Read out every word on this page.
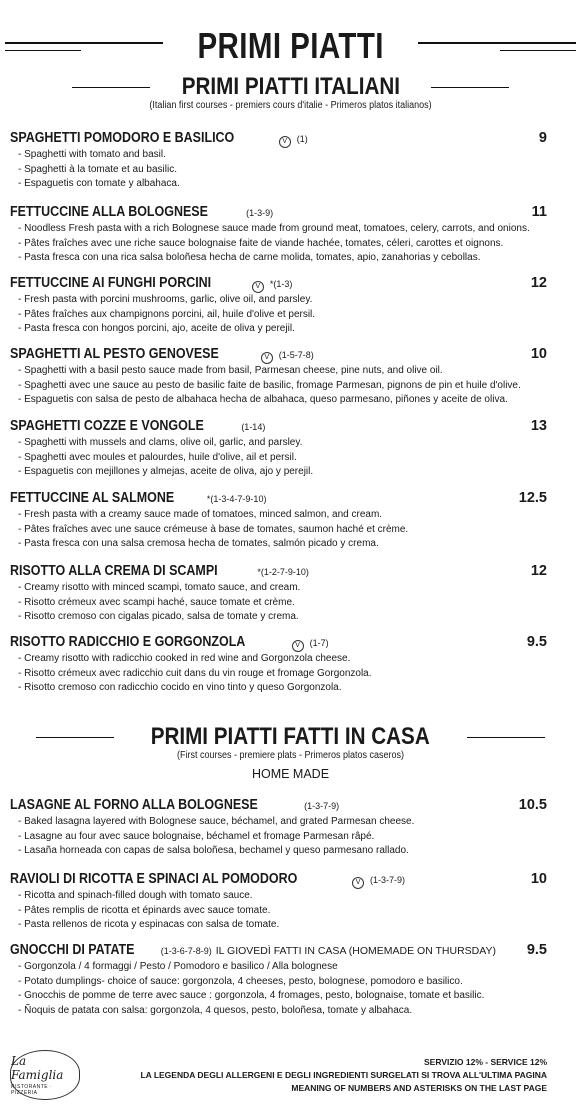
PRIMI PIATTI
PRIMI PIATTI ITALIANI
(Italian first courses - premiers cours d'italie - Primeros platos italianos)
SPAGHETTI POMODORO E BASILICO	V	(1)	9
- Spaghetti with tomato and basil.
- Spaghetti à la tomate et au basilic.
- Espaguetis con tomate y albahaca.
FETTUCCINE ALLA BOLOGNESE	(1-3-9)	11
- Noodless Fresh pasta with a rich Bolognese sauce made from ground meat, tomatoes, celery, carrots, and onions.
- Pâtes fraîches avec une riche sauce bolognaise faite de viande hachée, tomates, céleri, carottes et oignons.
- Pasta fresca con una rica salsa boloñesa hecha de carne molida, tomates, apio, zanahorias y cebollas.
FETTUCCINE AI FUNGHI PORCINI	V	*(1-3)	12
- Fresh pasta with porcini mushrooms, garlic, olive oil, and parsley.
- Pâtes fraîches aux champignons porcini, ail, huile d'olive et persil.
- Pasta fresca con hongos porcini, ajo, aceite de oliva y perejil.
SPAGHETTI AL PESTO GENOVESE	V	(1-5-7-8)	10
- Spaghetti with a basil pesto sauce made from basil, Parmesan cheese, pine nuts, and olive oil.
- Spaghetti avec une sauce au pesto de basilic faite de basilic, fromage Parmesan, pignons de pin et huile d'olive.
- Espaguetis con salsa de pesto de albahaca hecha de albahaca, queso parmesano, piñones y aceite de oliva.
SPAGHETTI COZZE E VONGOLE	(1-14)	13
- Spaghetti with mussels and clams, olive oil, garlic, and parsley.
- Spaghetti avec moules et palourdes, huile d'olive, ail et persil.
- Espaguetis con mejillones y almejas, aceite de oliva, ajo y perejil.
FETTUCCINE AL SALMONE	*(1-3-4-7-9-10)	12.5
- Fresh pasta with a creamy sauce made of tomatoes, minced salmon, and cream.
- Pâtes fraîches avec une sauce crémeuse à base de tomates, saumon haché et crème.
- Pasta fresca con una salsa cremosa hecha de tomates, salmón picado y crema.
RISOTTO ALLA CREMA DI SCAMPI	*(1-2-7-9-10)	12
- Creamy risotto with minced scampi, tomato sauce, and cream.
- Risotto crémeux avec scampi haché, sauce tomate et crème.
- Risotto cremoso con cigalas picado, salsa de tomate y crema.
RISOTTO RADICCHIO E GORGONZOLA	V	(1-7)	9.5
- Creamy risotto with radicchio cooked in red wine and Gorgonzola cheese.
- Risotto crémeux avec radicchio cuit dans du vin rouge et fromage Gorgonzola.
- Risotto cremoso con radicchio cocido en vino tinto y queso Gorgonzola.
PRIMI PIATTI FATTI IN CASA
(First courses - premiere plats - Primeros platos caseros)
HOME MADE
LASAGNE AL FORNO ALLA BOLOGNESE	(1-3-7-9)	10.5
- Baked lasagna layered with Bolognese sauce, béchamel, and grated Parmesan cheese.
- Lasagne au four avec sauce bolognaise, béchamel et fromage Parmesan râpé.
- Lasaña horneada con capas de salsa boloñesa, bechamel y queso parmesano rallado.
RAVIOLI DI RICOTTA E SPINACI AL POMODORO	V	(1-3-7-9)	10
- Ricotta and spinach-filled dough with tomato sauce.
- Pâtes remplis de ricotta et épinards avec sauce tomate.
- Pasta rellenos de ricota y espinacas con salsa de tomate.
GNOCCHI DI PATATE	(1-3-6-7-8-9) IL GIOVEDÌ FATTI IN CASA (HOMEMADE ON THURSDAY) 9.5
- Gorgonzola / 4 formaggi / Pesto / Pomodoro e basilico / Alla bolognese
- Potato dumplings- choice of sauce: gorgonzola, 4 cheeses, pesto, bolognese, pomodoro e basilico.
- Gnocchis de pomme de terre avec sauce : gorgonzola, 4 fromages, pesto, bolognaise, tomate et basilic.
- Ñoquis de patata con salsa: gorgonzola, 4 quesos, pesto, boloñesa, tomate y albahaca.
La Famiglia
RISTORANTE · PIZZERIA
SERVIZIO 12% - SERVICE 12%
LA LEGENDA DEGLI ALLERGENI E DEGLI INGREDIENTI SURGELATI SI TROVA ALL'ULTIMA PAGINA
MEANING OF NUMBERS AND ASTERISKS ON THE LAST PAGE
